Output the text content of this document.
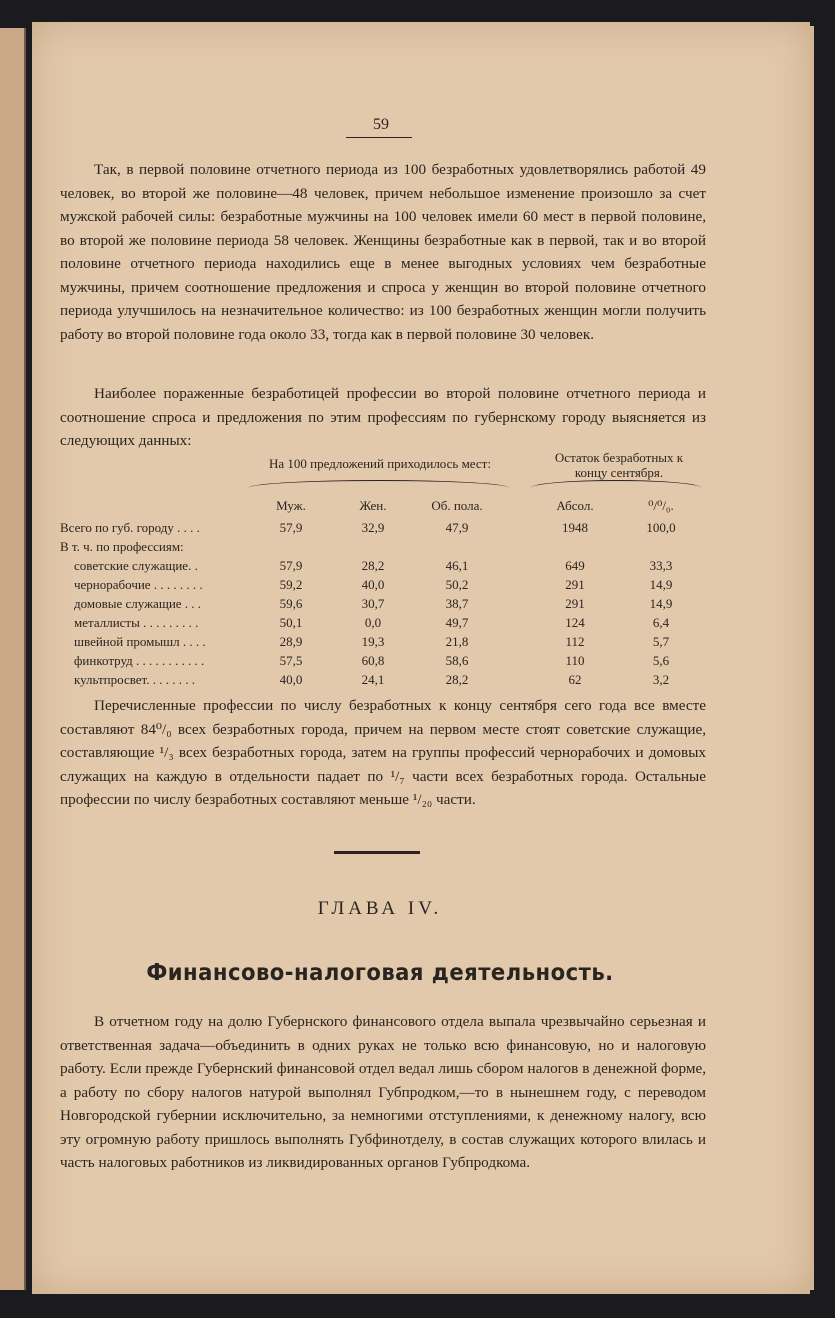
59

Так, в первой половине отчетного периода из 100 безработных удовлетворялись работой 49 человек, во второй же половине—48 человек, причем небольшое изменение произошло за счет мужской рабочей силы: безработные мужчины на 100 человек имели 60 мест в первой половине, во второй же половине периода 58 человек. Женщины безработные как в первой, так и во второй половине отчетного периода находились еще в менее выгодных условиях чем безработные мужчины, причем соотношение предложения и спроса у женщин во второй половине отчетного периода улучшилось на незначительное количество: из 100 безработных женщин могли получить работу во второй половине года около 33, тогда как в первой половине 30 человек.

Наиболее пораженные безработицей профессии во второй половине отчетного периода и соотношение спроса и предложения по этим профессиям по губернскому городу выясняется из следующих данных:

На 100 предложений приходилось мест:	Остаток безработных к
концу сентября.
Муж.	Жен.	Об. пола.	Абсол.	⁰/⁰/₀.
Всего по губ. городу . . . .	57,9	32,9	47,9	1948	100,0
В т. ч. по профессиям:
советские служащие. .	57,9	28,2	46,1	649	33,3
чернорабочие . . . . . . . .	59,2	40,0	50,2	291	14,9
домовые служащие . . .	59,6	30,7	38,7	291	14,9
металлисты . . . . . . . . .	50,1	0,0	49,7	124	6,4
швейной промышл . . . .	28,9	19,3	21,8	112	5,7
финкотруд . . . . . . . . . . .	57,5	60,8	58,6	110	5,6
культпросвет. . . . . . . .	40,0	24,1	28,2	62	3,2

Перечисленные профессии по числу безработных к концу сентября сего года все вместе составляют 84⁰/₀ всех безработных города, причем на первом месте стоят советские служащие, составляющие ¹/₃ всех безработных города, затем на группы профессий чернорабочих и домовых служащих на каждую в отдельности падает по ¹/₇ части всех безработных города. Остальные профессии по числу безработных составляют меньше ¹/₂₀ части.

ГЛАВА IV.
Финансово-налоговая деятельность.

В отчетном году на долю Губернского финансового отдела выпала чрезвычайно серьезная и ответственная задача—объединить в одних руках не только всю финансовую, но и налоговую работу. Если прежде Губернский финансовой отдел ведал лишь сбором налогов в денежной форме, а работу по сбору налогов натурой выполнял Губпродком,—то в нынешнем году, с переводом Новгородской губернии исключительно, за немногими отступлениями, к денежному налогу, всю эту огромную работу пришлось выполнять Губфинотделу, в состав служащих которого влилась и часть налоговых работников из ликвидированных органов Губпродкома.
